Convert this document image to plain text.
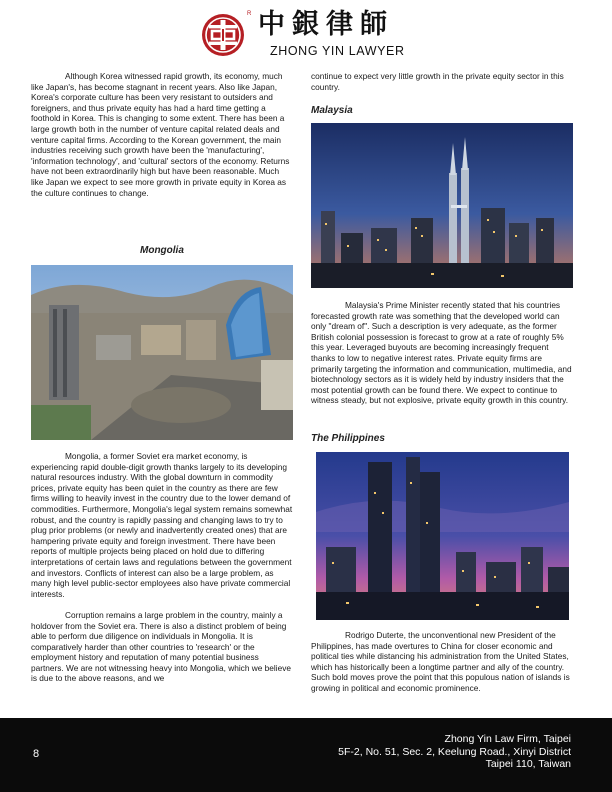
R 中銀律師
ZHONG YIN LAWYER

Although Korea witnessed rapid growth, its economy, much like Japan's, has become stagnant in recent years. Also like Japan, Korea's corporate culture has been very resistant to outsiders and foreigners, and thus private equity has had a hard time getting a foothold in Korea. This is changing to some extent. There has been a large growth both in the number of venture capital related deals and venture capital firms. According to the Korean government, the main industries receiving such growth have been the 'manufacturing', 'information technology', and 'cultural' sectors of the economy. Returns have not been extraordinarily high but have been reasonable. Much like Japan we expect to see more growth in private equity in Korea as the culture continues to change.

Mongolia

Mongolia, a former Soviet era market economy, is experiencing rapid double-digit growth thanks largely to its developing natural resources industry. With the global downturn in commodity prices, private equity has been quiet in the country as there are few firms willing to heavily invest in the country due to the lower demand of commodities. Furthermore, Mongolia's legal system remains somewhat robust, and the country is rapidly passing and changing laws to try to plug prior problems (or newly and inadvertently created ones) that are hampering private equity and foreign investment. There have been reports of multiple projects being placed on hold due to differing interpretations of certain laws and regulations between the government and investors. Conflicts of interest can also be a large problem, as many high level public-sector employees also have private commercial interests.

Corruption remains a large problem in the country, mainly a holdover from the Soviet era. There is also a distinct problem of being able to perform due diligence on individuals in Mongolia. It is comparatively harder than other countries to 'research' or the employment history and reputation of many potential business partners. We are not witnessing heavy into Mongolia, which we believe is due to the above reasons, and we

continue to expect very little growth in the private equity sector in this country.

Malaysia

Malaysia's Prime Minister recently stated that his countries forecasted growth rate was something that the developed world can only "dream of". Such a description is very adequate, as the former British colonial possession is forecast to grow at a rate of roughly 5% this year. Leveraged buyouts are becoming increasingly frequent thanks to low to negative interest rates. Private equity firms are primarily targeting the information and communication, multimedia, and biotechnology sectors as it is widely held by industry insiders that the most potential growth can be found there. We expect to continue to witness steady, but not explosive, private equity growth in this country.

The Philippines

Rodrigo Duterte, the unconventional new President of the Philippines, has made overtures to China for closer economic and political ties while distancing his administration from the United States, which has historically been a longtime partner and ally of the country. Such bold moves prove the point that this populous nation of islands is growing in political and economic prominence.

8
Zhong Yin Law Firm, Taipei
5F-2, No. 51, Sec. 2, Keelung Road., Xinyi District
Taipei 110, Taiwan
